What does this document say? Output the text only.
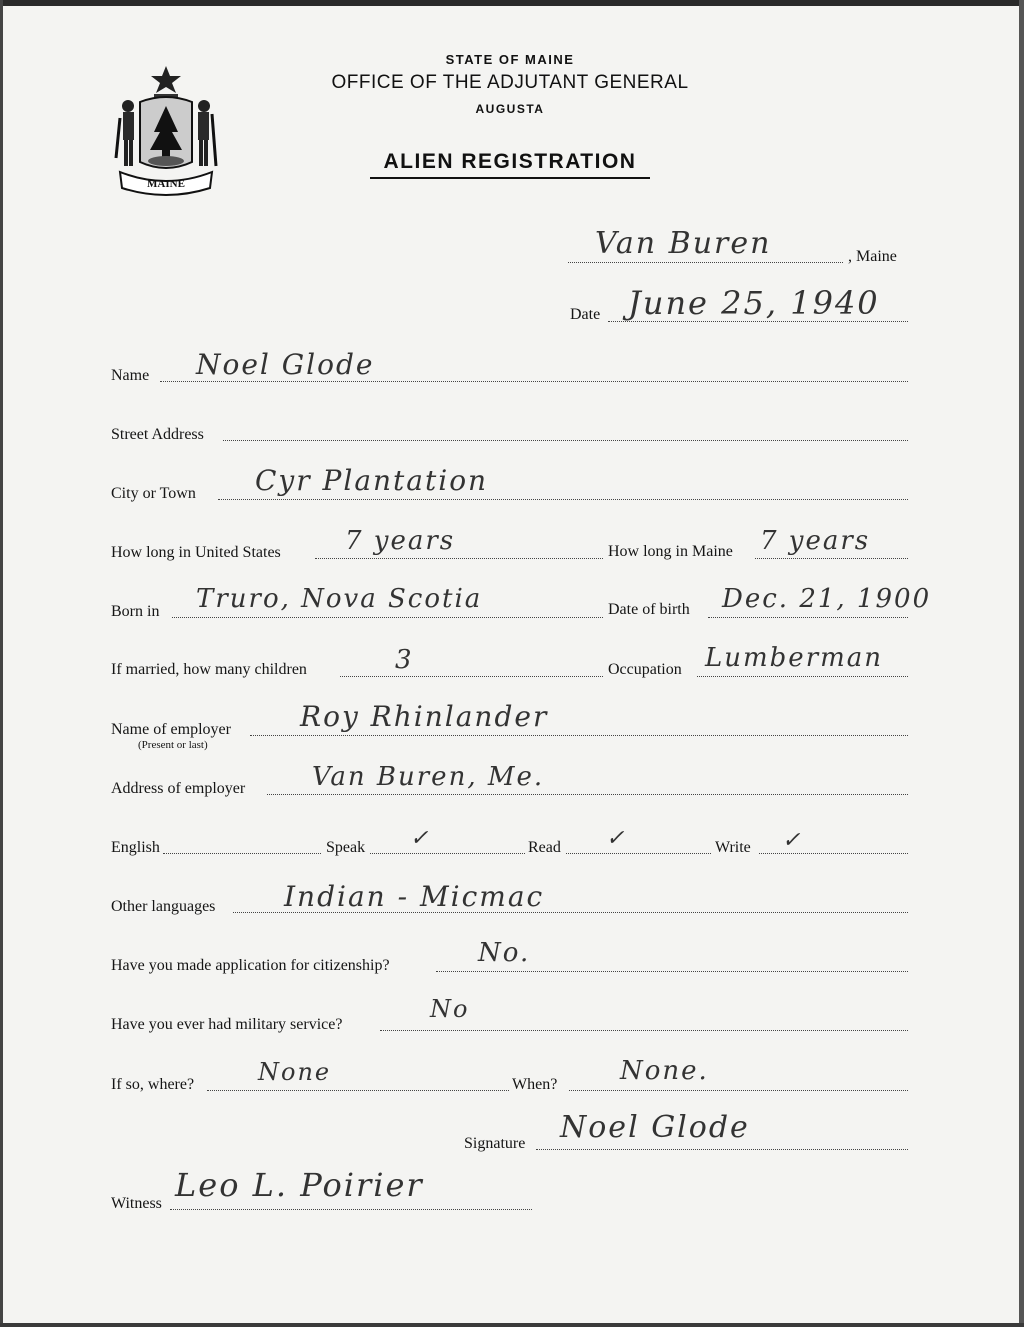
MAINE
STATE OF MAINE
OFFICE OF THE ADJUTANT GENERAL
AUGUSTA
ALIEN REGISTRATION
Van Buren	, Maine
Date June 25, 1940
Name Noel Glode
Street Address
City or Town Cyr Plantation
How long in United States 7 years	How long in Maine 7 years
Born in Truro, Nova Scotia	Date of birth Dec. 21, 1900
If married, how many children	3	Occupation Lumberman
Name of employer
(Present or last)
Roy Rhinlander
Address of employer	Van Buren, Me.
English	Speak ✓	Read ✓	Write ✓
Other languages Indian - Micmac
Have you made application for citizenship?	No.
Have you ever had military service?
No
If so, where?	None	When? None.
Signature Noel Glode
Witness Leo L. Poirier
